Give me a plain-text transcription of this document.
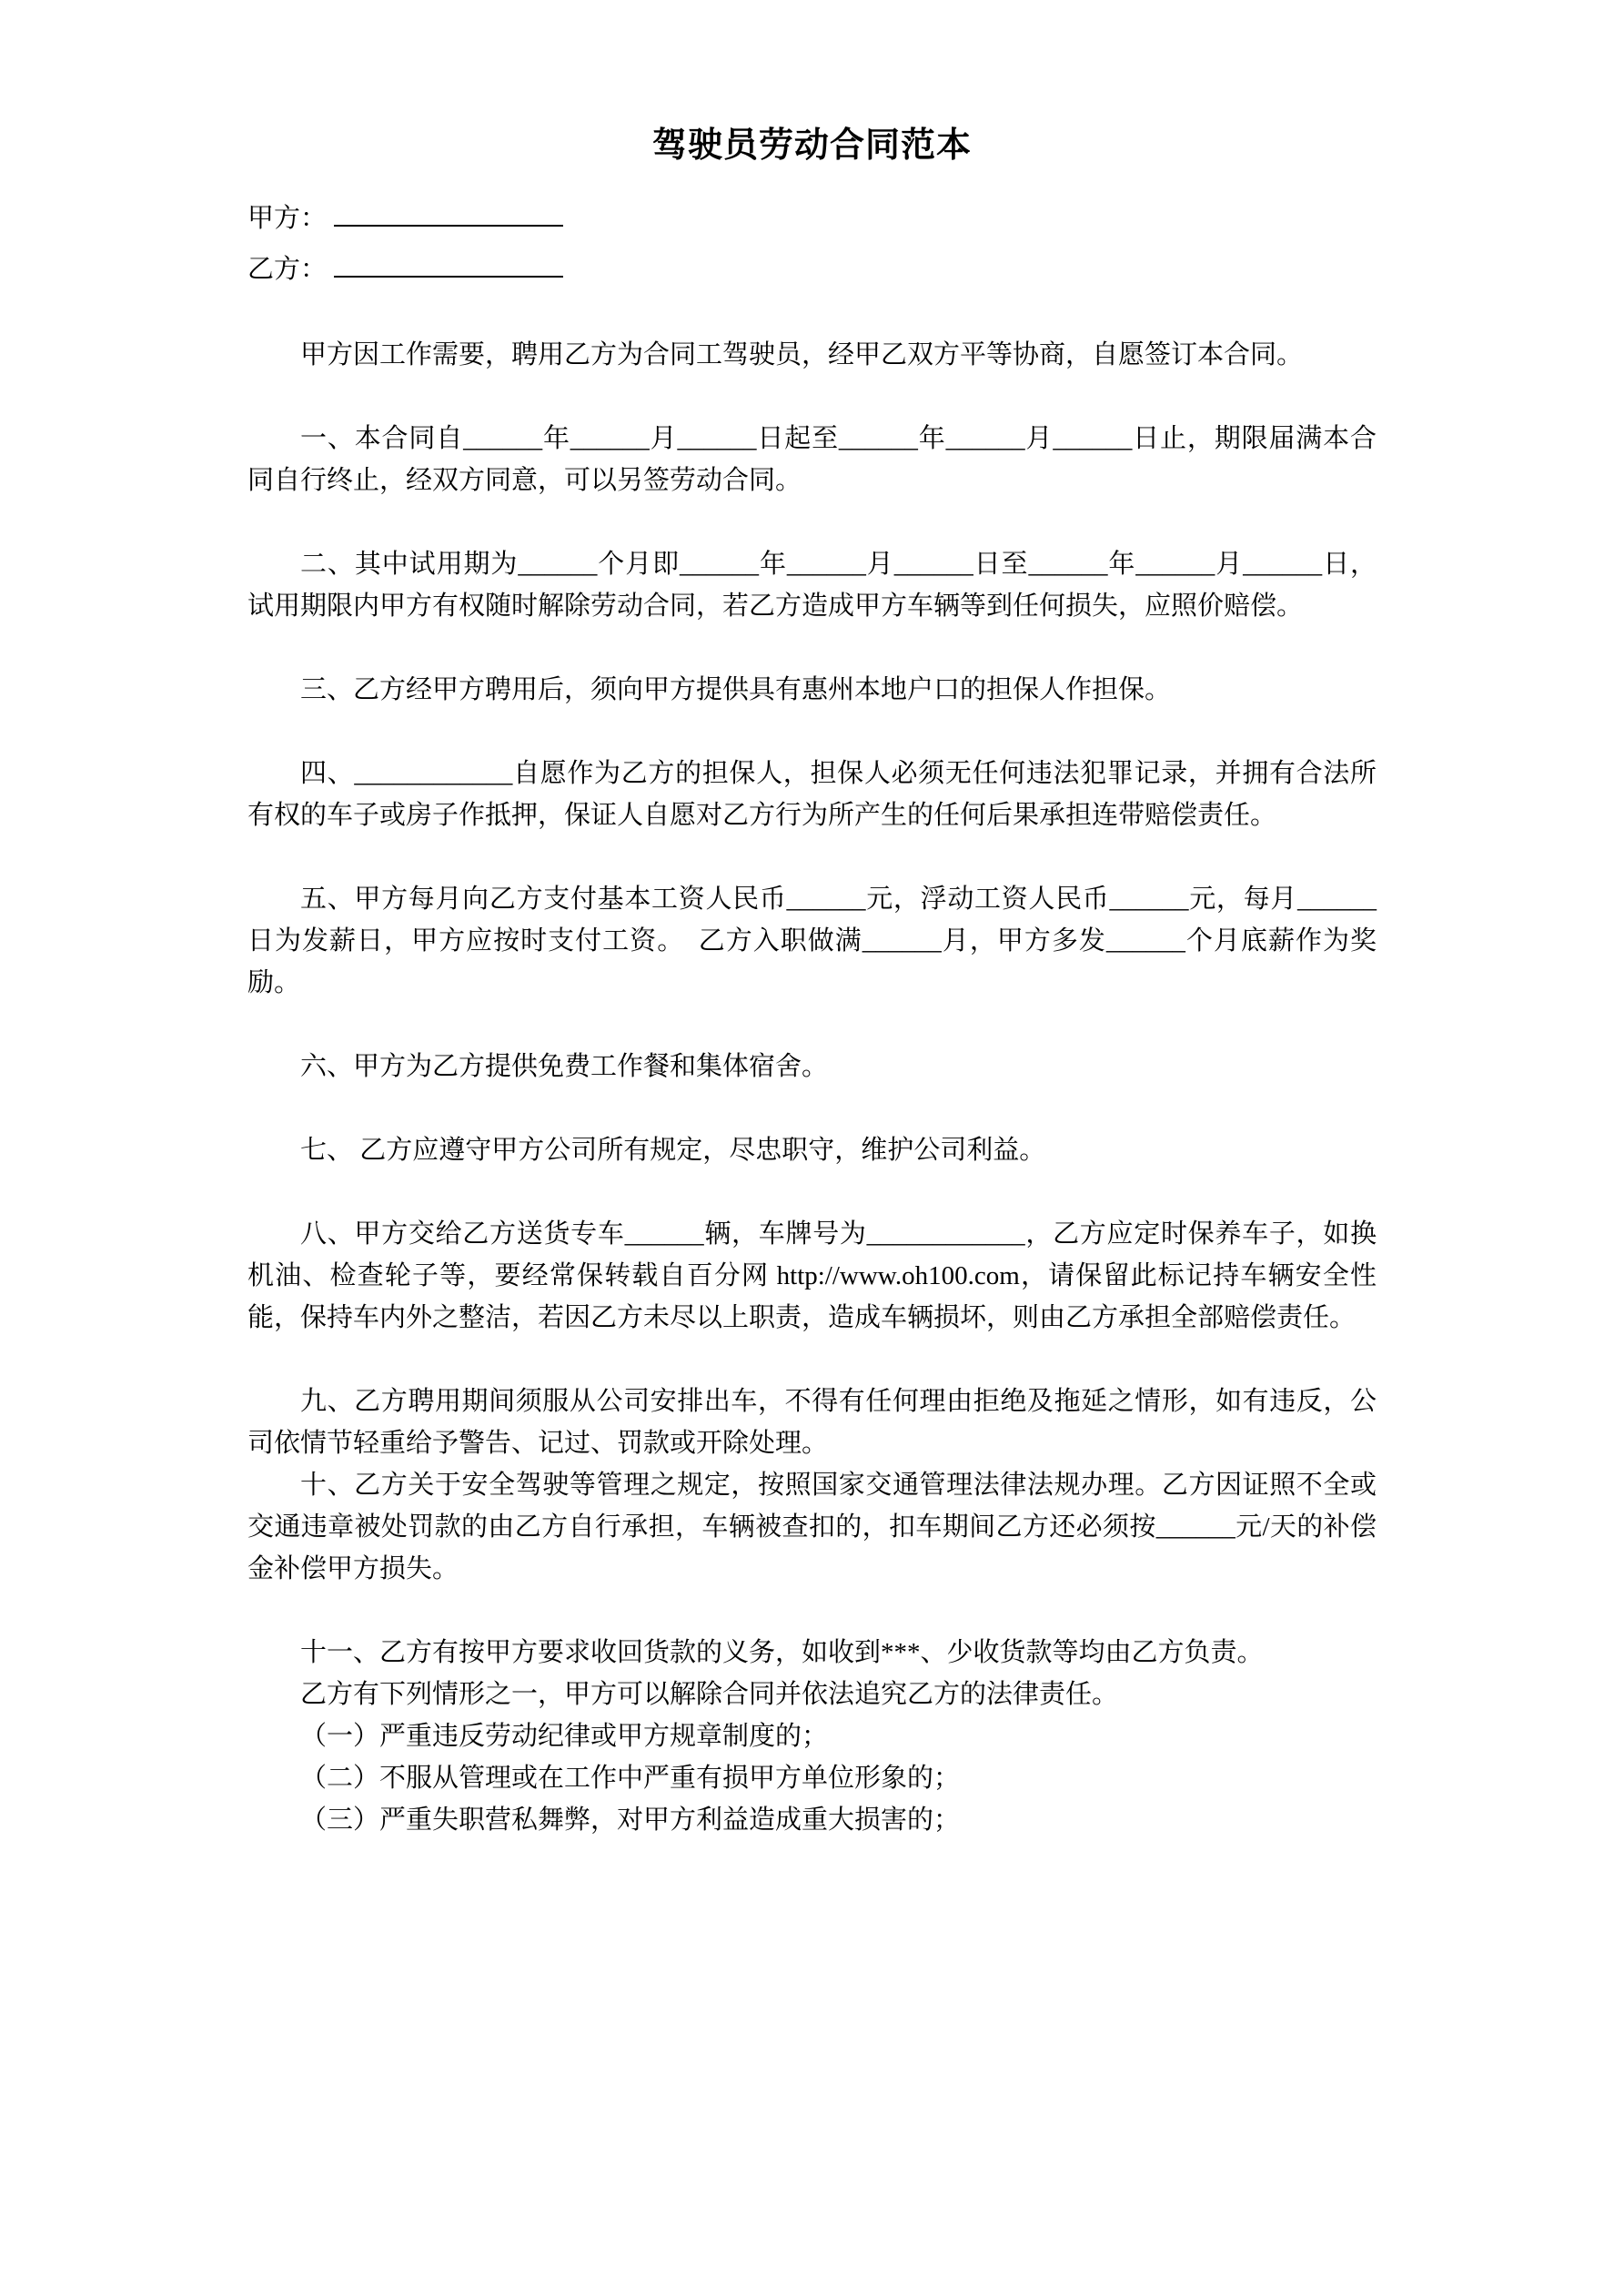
驾驶员劳动合同范本
甲方：
乙方：

甲方因工作需要，聘用乙方为合同工驾驶员，经甲乙双方平等协商，自愿签订本合同。

一、本合同自______年______月______日起至______年______月______日止，期限届满本合同自行终止，经双方同意，可以另签劳动合同。

二、其中试用期为______个月即______年______月______日至______年______月______日，试用期限内甲方有权随时解除劳动合同，若乙方造成甲方车辆等到任何损失，应照价赔偿。

三、乙方经甲方聘用后，须向甲方提供具有惠州本地户口的担保人作担保。

四、____________自愿作为乙方的担保人，担保人必须无任何违法犯罪记录，并拥有合法所有权的车子或房子作抵押，保证人自愿对乙方行为所产生的任何后果承担连带赔偿责任。

五、甲方每月向乙方支付基本工资人民币______元，浮动工资人民币______元，每月______日为发薪日，甲方应按时支付工资。　乙方入职做满______月，甲方多发______个月底薪作为奖励。

六、甲方为乙方提供免费工作餐和集体宿舍。

七、 乙方应遵守甲方公司所有规定，尽忠职守，维护公司利益。

八、甲方交给乙方送货专车______辆，车牌号为____________，乙方应定时保养车子，如换机油、检查轮子等，要经常保转载自百分网 http://www.oh100.com，请保留此标记持车辆安全性能，保持车内外之整洁，若因乙方未尽以上职责，造成车辆损坏，则由乙方承担全部赔偿责任。

九、乙方聘用期间须服从公司安排出车，不得有任何理由拒绝及拖延之情形，如有违反，公司依情节轻重给予警告、记过、罚款或开除处理。

十、乙方关于安全驾驶等管理之规定，按照国家交通管理法律法规办理。乙方因证照不全或交通违章被处罚款的由乙方自行承担，车辆被查扣的，扣车期间乙方还必须按______元/天的补偿金补偿甲方损失。

十一、乙方有按甲方要求收回货款的义务，如收到***、少收货款等均由乙方负责。

乙方有下列情形之一，甲方可以解除合同并依法追究乙方的法律责任。

（一）严重违反劳动纪律或甲方规章制度的；

（二）不服从管理或在工作中严重有损甲方单位形象的；

（三）严重失职营私舞弊，对甲方利益造成重大损害的；
